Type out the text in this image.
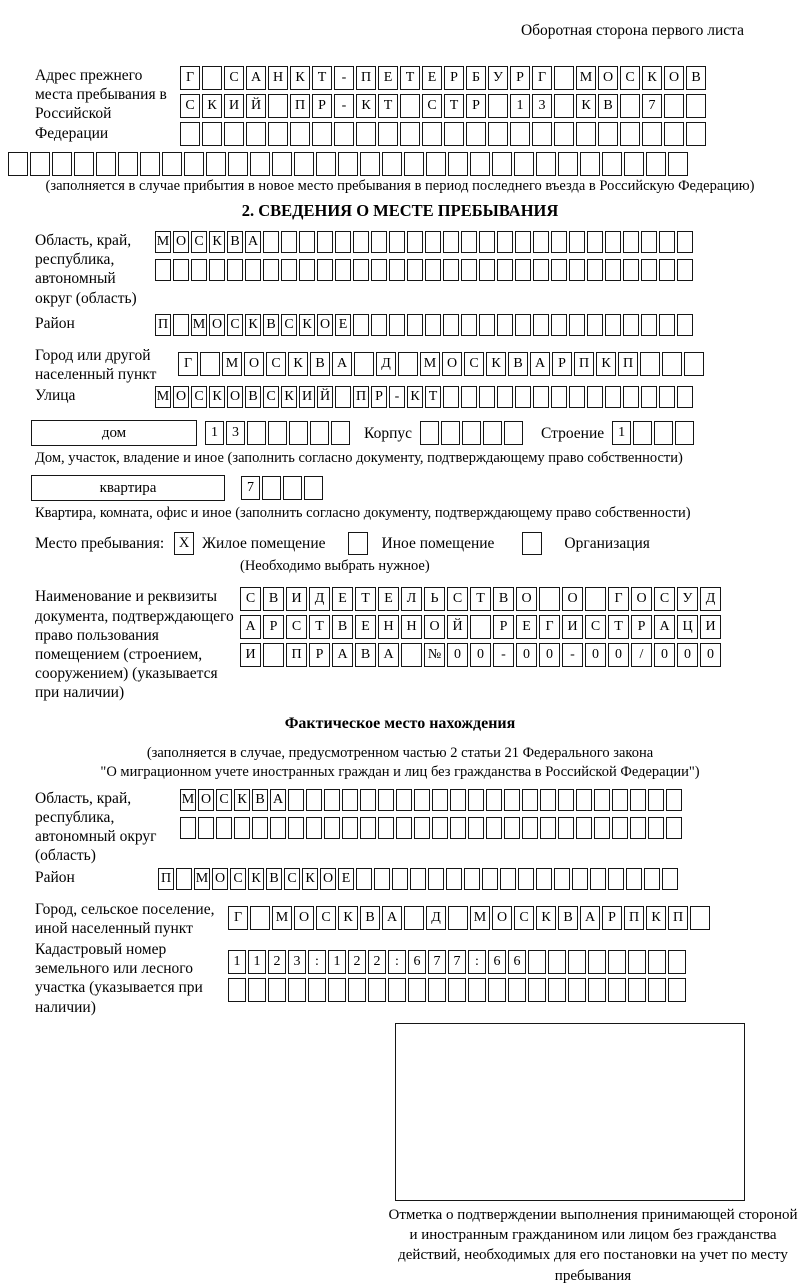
Оборотная сторона первого листа
Адрес прежнего места пребывания в Российской Федерации
Г	С А Н К Т	-	П Е Т Е Р	Б У Р	Г	М О С К О В
С К И Й	П Р	-	К Т	С Т Р	1	3	К В	7
(заполняется в случае прибытия в новое место пребывания в период последнего въезда в Российскую Федерацию)
2. СВЕДЕНИЯ О МЕСТЕ ПРЕБЫВАНИЯ
Область, край, республика, автономный округ (область)
М О С К В А
Район	П М О С К В С К О Е
Город или другой населенный пункт
Г	М О С К В А	Д	М О С К В А Р П К П
Улица	М О С К О В С К И Й П Р - К Т
дом	1	3	Корпус	Строение	1
Дом, участок, владение и иное (заполнить согласно документу, подтверждающему право собственности)
квартира	7
Квартира, комната, офис и иное (заполнить согласно документу, подтверждающему право собственности)
Место пребывания:	X Жилое помещение	Иное помещение	Организация
(Необходимо выбрать нужное)
Наименование и реквизиты документа, подтверждающего право пользования помещением (строением, сооружением) (указывается при наличии)
С В И Д Е	Т	Е Л	Ь	С	Т	В О	О	Г О С У Д
А	Р	С	Т	В	Е Н Н О Й	Р	Е	Г И С	Т	Р	А Ц И
И	П	Р	А В А	№ 0	0	-	0	0	-	0	0	/	0	0	0
Фактическое место нахождения
(заполняется в случае, предусмотренном частью 2 статьи 21 Федерального закона
"О миграционном учете иностранных граждан и лиц без гражданства в Российской Федерации")
Область, край, республика, автономный округ (область)
М О С К В А
Район	П М О С К В С К О Е
Город, сельское поселение, иной населенный пункт
Г	М О С К В А	Д	М О С К В А Р П К П
Кадастровый номер земельного или лесного участка (указывается при наличии)
1 1 2 3	:	1 2 2	:	6 7 7	:	6 6
Отметка о подтверждении выполнения принимающей стороной и иностранным гражданином или лицом без гражданства действий, необходимых для его постановки на учет по месту пребывания
